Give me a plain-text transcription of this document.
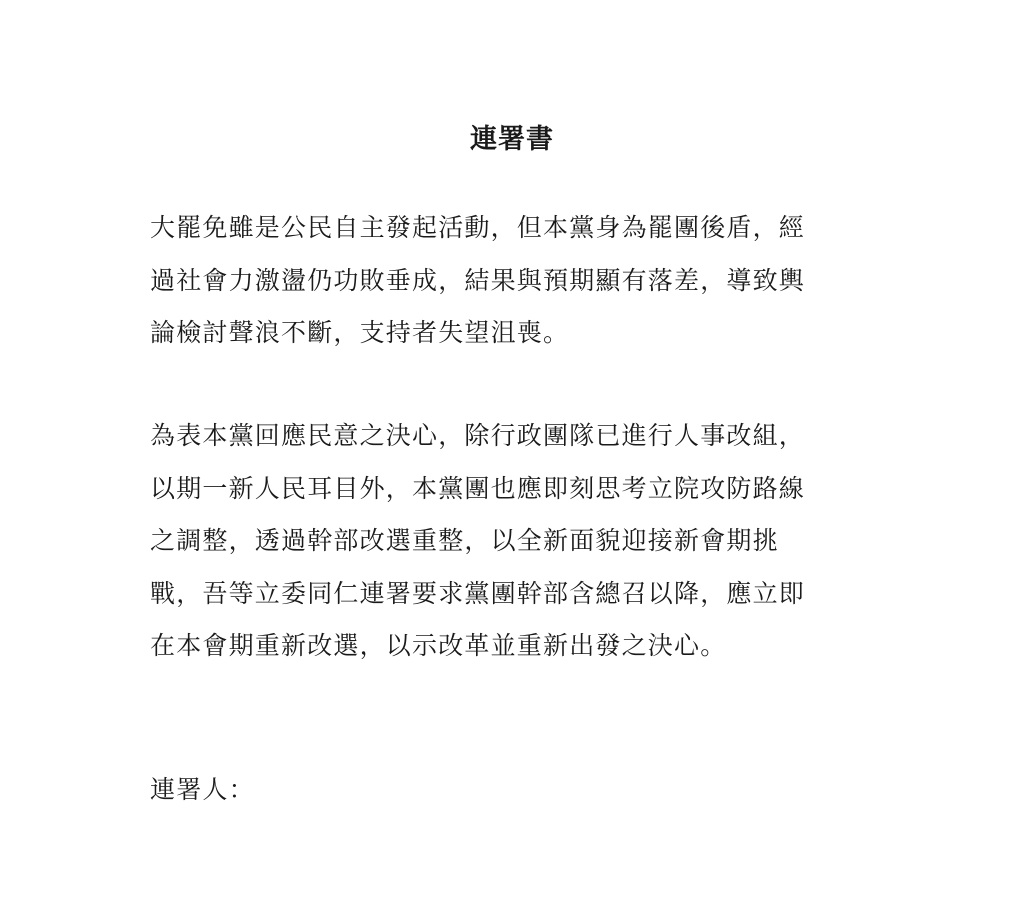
連署書
大罷免雖是公民自主發起活動，但本黨身為罷團後盾，經
過社會力激盪仍功敗垂成，結果與預期顯有落差，導致輿
論檢討聲浪不斷，支持者失望沮喪。
為表本黨回應民意之決心，除行政團隊已進行人事改組，
以期一新人民耳目外，本黨團也應即刻思考立院攻防路線
之調整，透過幹部改選重整，以全新面貌迎接新會期挑
戰，吾等立委同仁連署要求黨團幹部含總召以降，應立即
在本會期重新改選，以示改革並重新出發之決心。
連署人：
